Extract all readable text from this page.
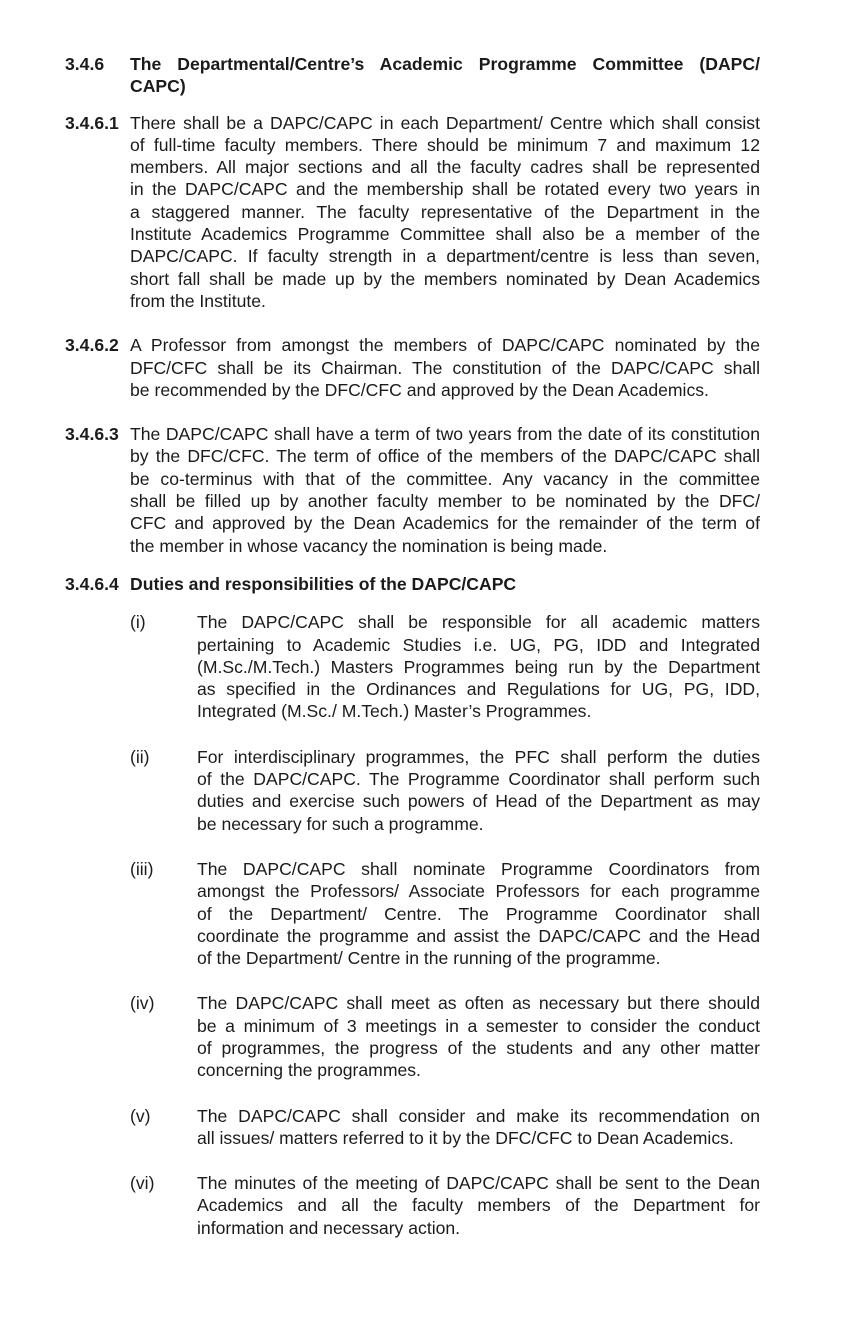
3.4.6 The Departmental/Centre’s Academic Programme Committee (DAPC/
CAPC)
3.4.6.1 There shall be a DAPC/CAPC in each Department/ Centre which shall consist
of full-time faculty members. There should be minimum 7 and maximum 12
members. All major sections and all the faculty cadres shall be represented
in the DAPC/CAPC and the membership shall be rotated every two years in
a staggered manner. The faculty representative of the Department in the
Institute Academics Programme Committee shall also be a member of the
DAPC/CAPC. If faculty strength in a department/centre is less than seven,
short fall shall be made up by the members nominated by Dean Academics
from the Institute.
3.4.6.2 A Professor from amongst the members of DAPC/CAPC nominated by the
DFC/CFC shall be its Chairman. The constitution of the DAPC/CAPC shall
be recommended by the DFC/CFC and approved by the Dean Academics.
3.4.6.3 The DAPC/CAPC shall have a term of two years from the date of its constitution
by the DFC/CFC. The term of office of the members of the DAPC/CAPC shall
be co-terminus with that of the committee. Any vacancy in the committee
shall be filled up by another faculty member to be nominated by the DFC/
CFC and approved by the Dean Academics for the remainder of the term of
the member in whose vacancy the nomination is being made.
3.4.6.4 Duties and responsibilities of the DAPC/CAPC
(i)	The DAPC/CAPC shall be responsible for all academic matters
pertaining to Academic Studies i.e. UG, PG, IDD and Integrated
(M.Sc./M.Tech.) Masters Programmes being run by the Department
as specified in the Ordinances and Regulations for UG, PG, IDD,
Integrated (M.Sc./ M.Tech.) Master’s Programmes.
(ii)	For interdisciplinary programmes, the PFC shall perform the duties
of the DAPC/CAPC. The Programme Coordinator shall perform such
duties and exercise such powers of Head of the Department as may
be necessary for such a programme.
(iii) The DAPC/CAPC shall nominate Programme Coordinators from
amongst the Professors/ Associate Professors for each programme
of the Department/ Centre. The Programme Coordinator shall
coordinate the programme and assist the DAPC/CAPC and the Head
of the Department/ Centre in the running of the programme.
(iv) The DAPC/CAPC shall meet as often as necessary but there should
be a minimum of 3 meetings in a semester to consider the conduct
of programmes, the progress of the students and any other matter
concerning the programmes.
(v)	The DAPC/CAPC shall consider and make its recommendation on
all issues/ matters referred to it by the DFC/CFC to Dean Academics.
(vi) The minutes of the meeting of DAPC/CAPC shall be sent to the Dean
Academics and all the faculty members of the Department for
information and necessary action.
